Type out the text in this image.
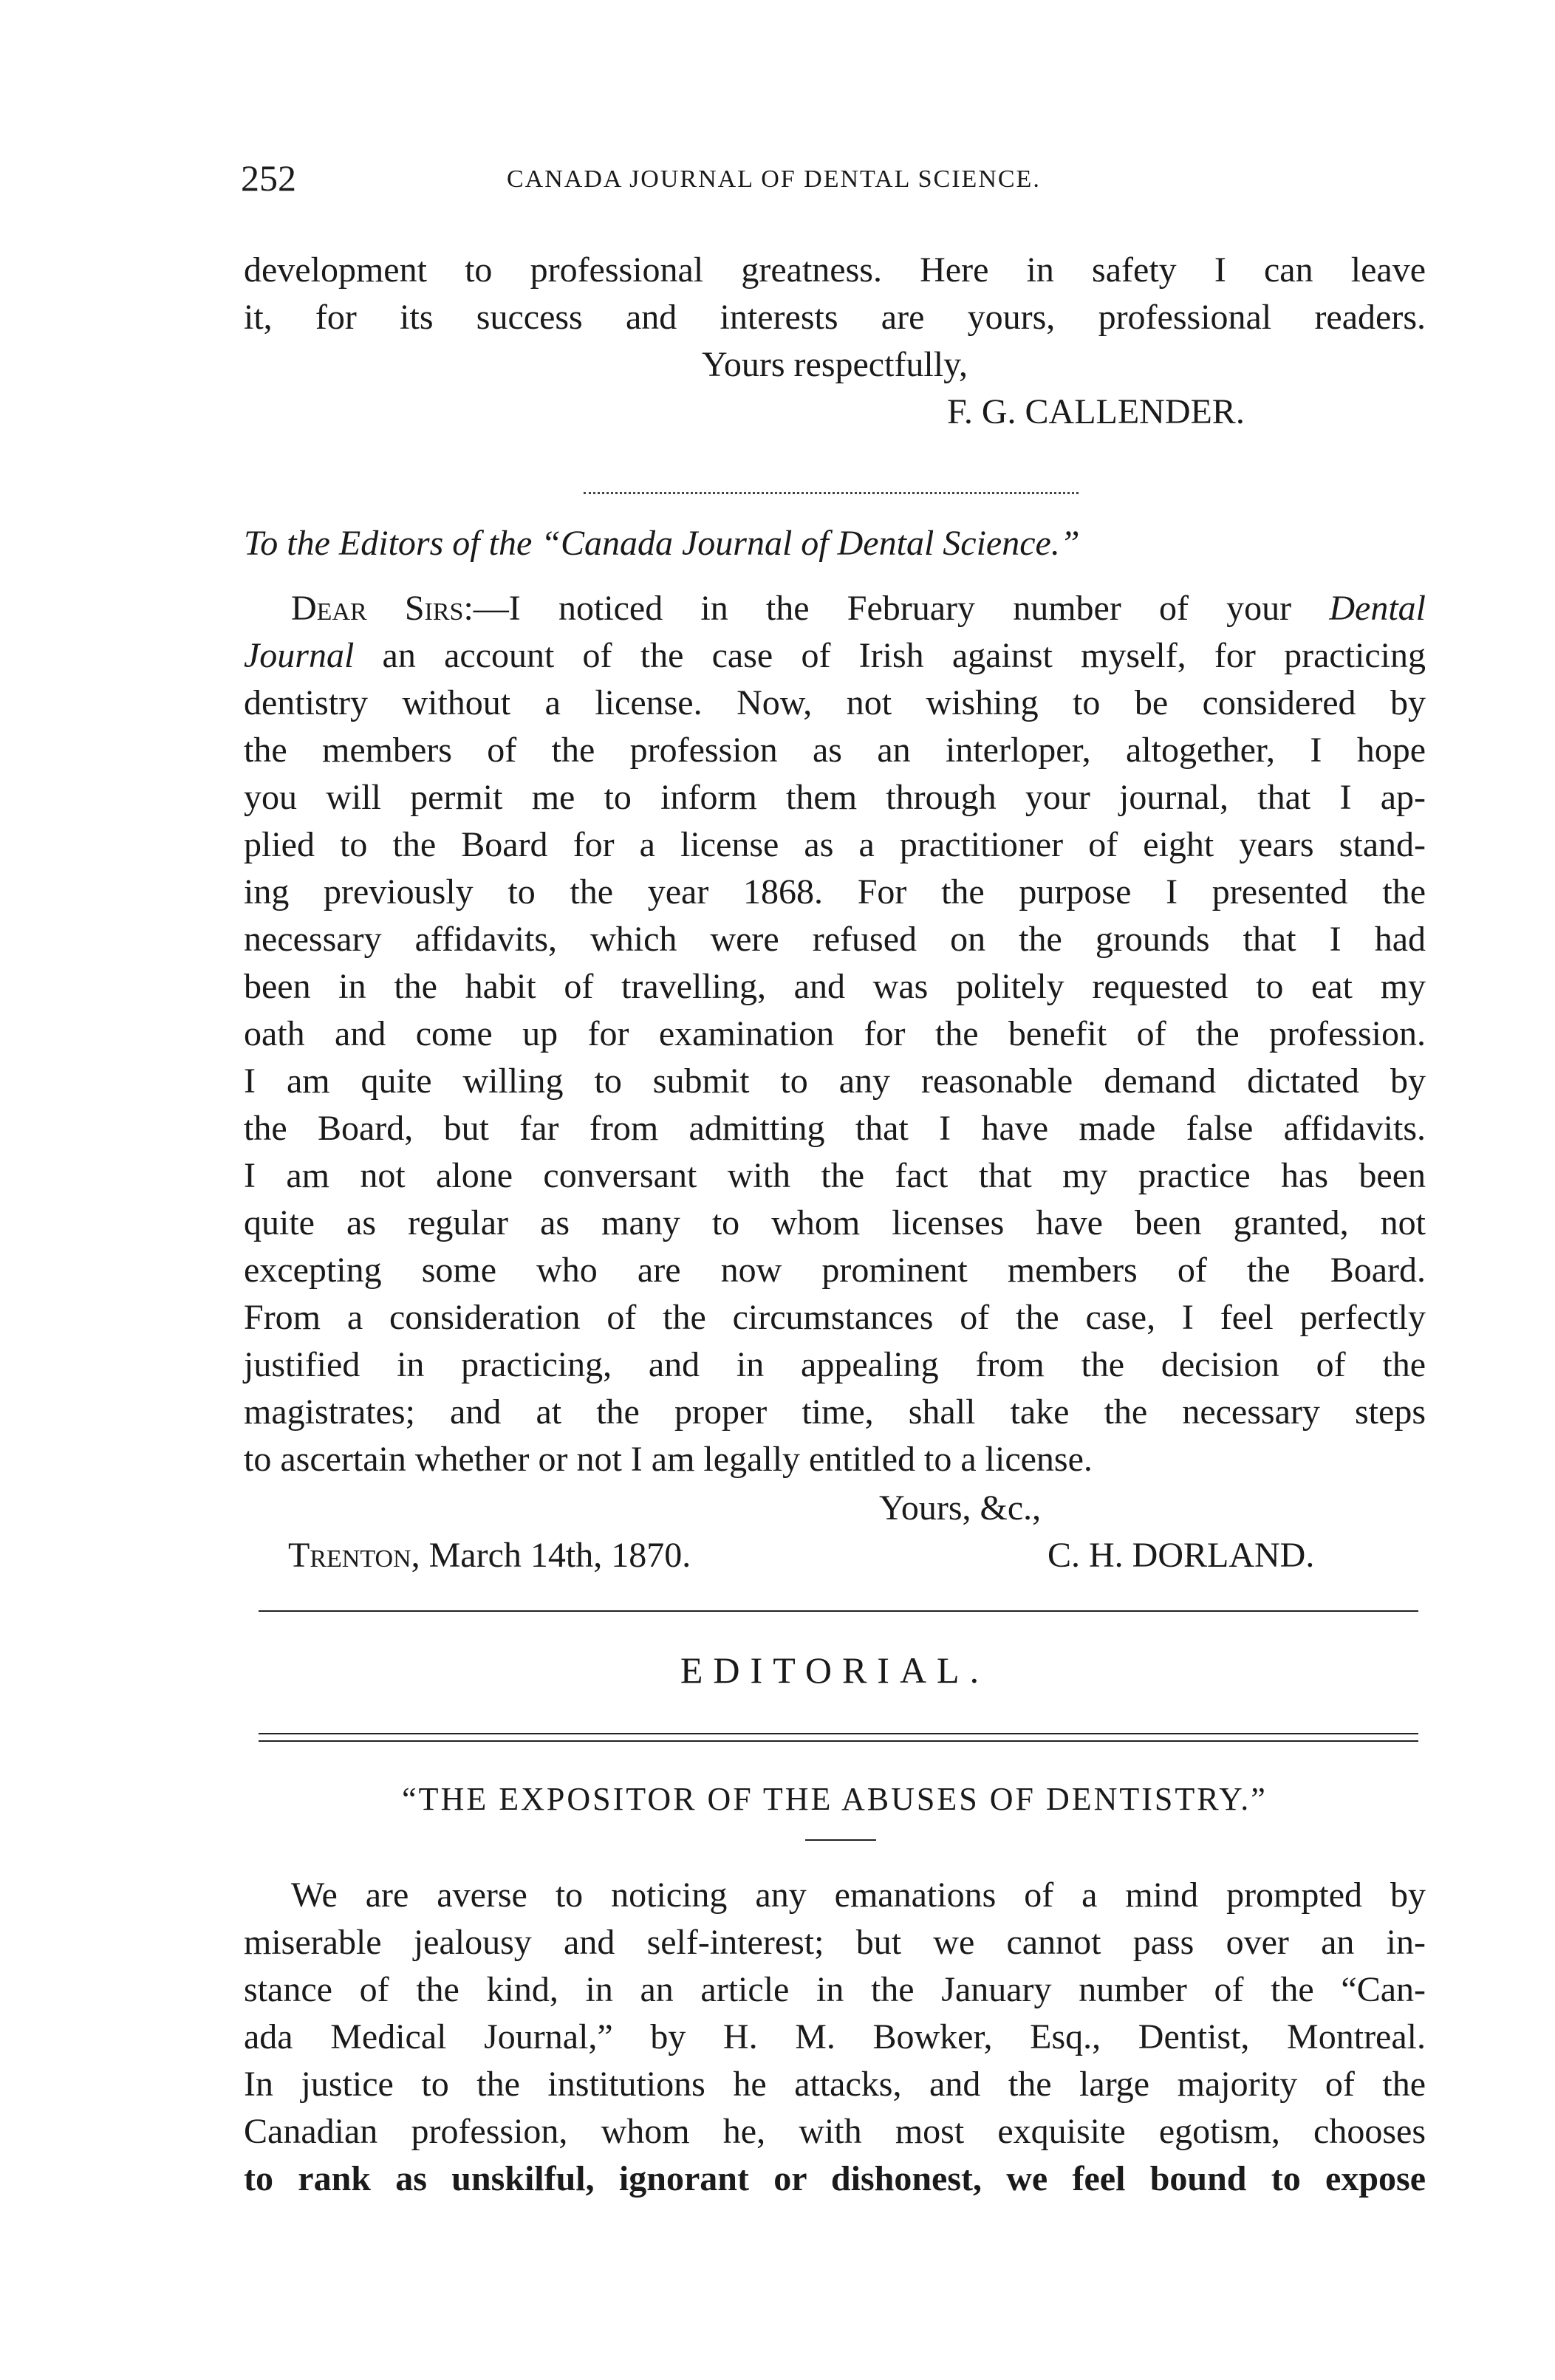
252	CANADA JOURNAL OF DENTAL SCIENCE.
development to professional greatness. Here in safety I can leave
it, for its success and interests are yours, professional readers.
Yours respectfully,
F. G. CALLENDER.
To the Editors of the “Canada Journal of Dental Science.”
Dear Sirs:—I noticed in the February number of your Dental
Journal an account of the case of Irish against myself, for practicing
dentistry without a license. Now, not wishing to be considered by
the members of the profession as an interloper, altogether, I hope
you will permit me to inform them through your journal, that I ap-
plied to the Board for a license as a practitioner of eight years stand-
ing previously to the year 1868. For the purpose I presented the
necessary affidavits, which were refused on the grounds that I had
been in the habit of travelling, and was politely requested to eat my
oath and come up for examination for the benefit of the profession.
I am quite willing to submit to any reasonable demand dictated by
the Board, but far from admitting that I have made false affidavits.
I am not alone conversant with the fact that my practice has been
quite as regular as many to whom licenses have been granted, not
excepting some who are now prominent members of the Board.
From a consideration of the circumstances of the case, I feel perfectly
justified in practicing, and in appealing from the decision of the
magistrates; and at the proper time, shall take the necessary steps
to ascertain whether or not I am legally entitled to a license.
Yours, &c.,
Trenton, March 14th, 1870.	C. H. DORLAND.
EDITORIAL.
“THE EXPOSITOR OF THE ABUSES OF DENTISTRY.”
We are averse to noticing any emanations of a mind prompted by
miserable jealousy and self-interest; but we cannot pass over an in-
stance of the kind, in an article in the January number of the “Can-
ada Medical Journal,” by H. M. Bowker, Esq., Dentist, Montreal.
In justice to the institutions he attacks, and the large majority of the
Canadian profession, whom he, with most exquisite egotism, chooses
to rank as unskilful, ignorant or dishonest, we feel bound to expose
